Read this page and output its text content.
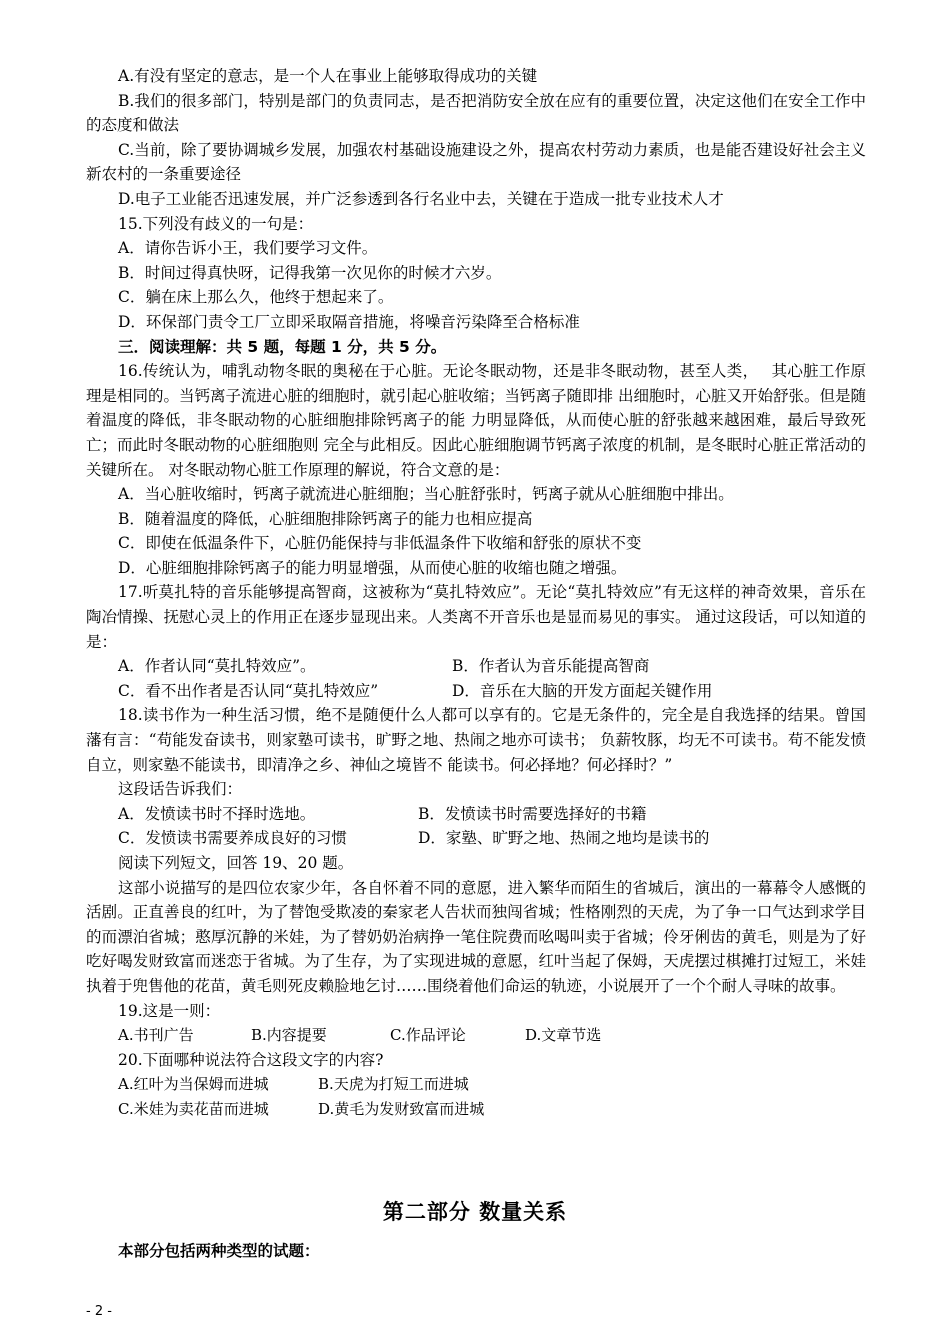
A.有没有坚定的意志，是一个人在事业上能够取得成功的关键

B.我们的很多部门，特别是部门的负责同志，是否把消防安全放在应有的重要位置，决定这他们在安全工作中的态度和做法

C.当前，除了要协调城乡发展，加强农村基础设施建设之外，提高农村劳动力素质，也是能否建设好社会主义新农村的一条重要途径

D.电子工业能否迅速发展，并广泛参透到各行名业中去，关键在于造成一批专业技术人才

15.下列没有歧义的一句是：

A．请你告诉小王，我们要学习文件。

B．时间过得真快呀，记得我第一次见你的时候才六岁。

C．躺在床上那么久，他终于想起来了。

D．环保部门责令工厂立即采取隔音措施，将噪音污染降至合格标准

三．阅读理解：共 5 题，每题 1 分，共 5 分。

16.传统认为，哺乳动物冬眠的奥秘在于心脏。无论冬眠动物，还是非冬眠动物，甚至人类，　 其心脏工作原理是相同的。当钙离子流进心脏的细胞时，就引起心脏收缩；当钙离子随即排 出细胞时，心脏又开始舒张。但是随着温度的降低，非冬眠动物的心脏细胞排除钙离子的能 力明显降低，从而使心脏的舒张越来越困难，最后导致死亡；而此时冬眠动物的心脏细胞则 完全与此相反。因此心脏细胞调节钙离子浓度的机制，是冬眠时心脏正常活动的关键所在。 对冬眠动物心脏工作原理的解说，符合文意的是：

A．当心脏收缩时，钙离子就流进心脏细胞；当心脏舒张时，钙离子就从心脏细胞中排出。

B．随着温度的降低，心脏细胞排除钙离子的能力也相应提高

C．即使在低温条件下，心脏仍能保持与非低温条件下收缩和舒张的原状不变

D．心脏细胞排除钙离子的能力明显增强，从而使心脏的收缩也随之增强。

17.听莫扎特的音乐能够提高智商，这被称为“莫扎特效应”。无论“莫扎特效应”有无这样的神奇效果，音乐在陶冶情操、抚慰心灵上的作用正在逐步显现出来。人类离不开音乐也是显而易见的事实。 通过这段话，可以知道的是：

A．作者认同“莫扎特效应”。	B．作者认为音乐能提高智商
C．看不出作者是否认同“莫扎特效应”	D．音乐在大脑的开发方面起关键作用

18.读书作为一种生活习惯，绝不是随便什么人都可以享有的。它是无条件的，完全是自我选择的结果。曾国藩有言：“苟能发奋读书，则家塾可读书，旷野之地、热闹之地亦可读书； 负薪牧豚，均无不可读书。苟不能发愤自立，则家塾不能读书，即清净之乡、神仙之境皆不 能读书。何必择地？何必择时？”

这段话告诉我们：

A．发愤读书时不择时选地。	B．发愤读书时需要选择好的书籍
C．发愤读书需要养成良好的习惯	D．家塾、旷野之地、热闹之地均是读书的

阅读下列短文，回答 19、20 题。

这部小说描写的是四位农家少年，各自怀着不同的意愿，进入繁华而陌生的省城后，演出的一幕幕令人感慨的活剧。正直善良的红叶，为了替饱受欺凌的秦家老人告状而独闯省城；性格刚烈的天虎，为了争一口气达到求学目的而漂泊省城；憨厚沉静的米娃，为了替奶奶治病挣一笔住院费而吆喝叫卖于省城；伶牙俐齿的黄毛，则是为了好吃好喝发财致富而迷恋于省城。为了生存，为了实现进城的意愿，红叶当起了保姆，天虎摆过棋摊打过短工，米娃执着于兜售他的花苗，黄毛则死皮赖脸地乞讨……围绕着他们命运的轨迹，小说展开了一个个耐人寻味的故事。

19.这是一则：

A.书刊广告	B.内容提要	C.作品评论	D.文章节选

20.下面哪种说法符合这段文字的内容?

A.红叶为当保姆而进城	B.天虎为打短工而进城
C.米娃为卖花苗而进城	D.黄毛为发财致富而进城
第二部分 数量关系
本部分包括两种类型的试题：
- 2 -
